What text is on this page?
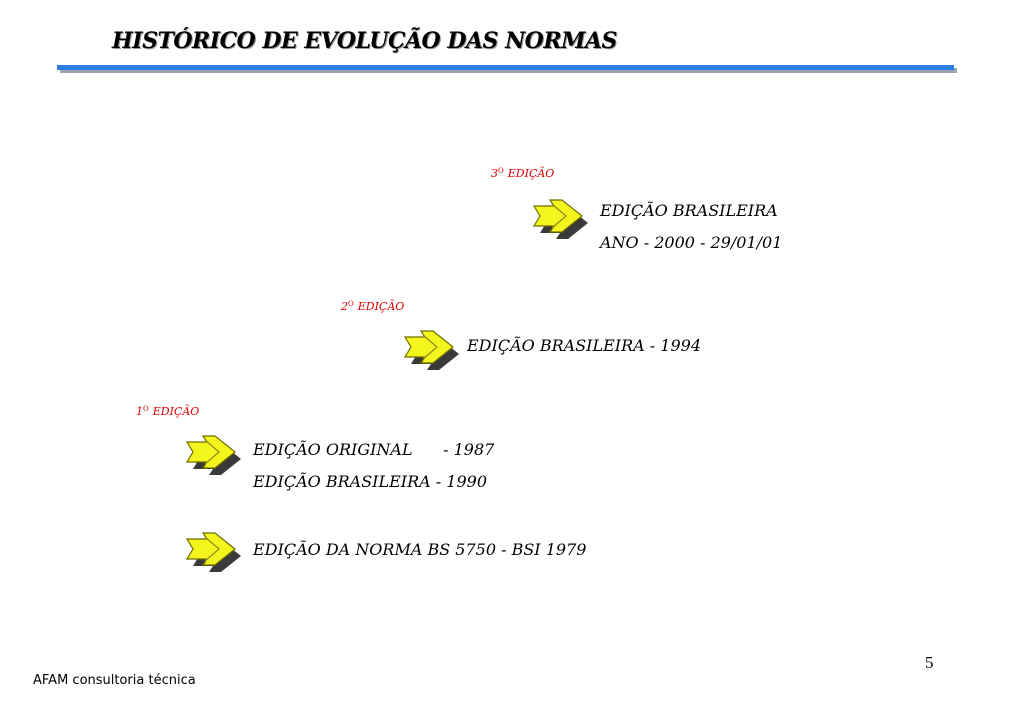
HISTÓRICO DE EVOLUÇÃO DAS NORMAS
$3^O$ EDIÇÃO
EDIÇÃO BRASILEIRA
ANO - 2000 - 29/01/01
$2^O$ EDIÇÃO
EDIÇÃO BRASILEIRA - 1994
$1^O$ EDIÇÃO
EDIÇÃO ORIGINAL      - 1987
EDIÇÃO BRASILEIRA - 1990
EDIÇÃO DA NORMA BS 5750 - BSI 1979
5
AFAM consultoria técnica
